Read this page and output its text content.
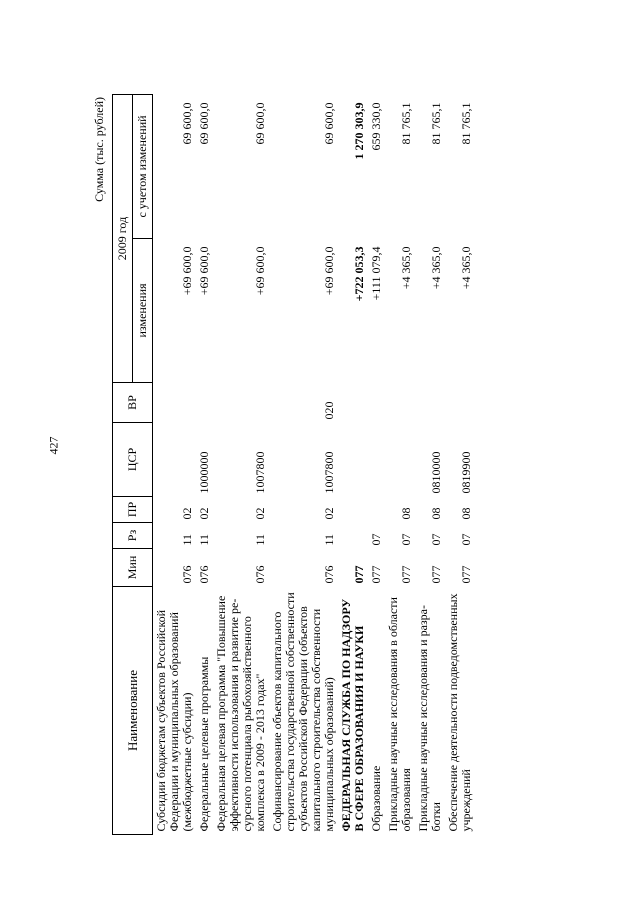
427
Сумма (тыс. рублей)
Наименование	Мин	Рз	ПР	ЦСР	ВР	2009 год	
						изменения	с учетом изменений
Субсидии бюджетам субъектов Российской Федерации и муниципальных образований (межбюджетные субсидии)	076	11	02			+69 600,0	69 600,0
Федеральные целевые программы	076	11	02	1000000		+69 600,0	69 600,0
Федеральная целевая программа "Повышение эффективности использования и развитие ре-сурсного потенциала рыбохозяйственного комплекса в 2009 - 2013 годах"	076	11	02	1007800		+69 600,0	69 600,0
Софинансирование объектов капитального строительства государственной собственности субъектов Российской Федерации (объектов капитального строительства собственности муниципальных образований)	076	11	02	1007800	020	+69 600,0	69 600,0
ФЕДЕРАЛЬНАЯ СЛУЖБА ПО НАДЗОРУ В СФЕРЕ ОБРАЗОВАНИЯ И НАУКИ	077					+722 053,3	1 270 303,9
Образование	077	07				+111 079,4	659 330,0
Прикладные научные исследования в области образования	077	07	08			+4 365,0	81 765,1
Прикладные научные исследования и разра-ботки	077	07	08	0810000		+4 365,0	81 765,1
Обеспечение деятельности подведомственных учреждений	077	07	08	0819900		+4 365,0	81 765,1
